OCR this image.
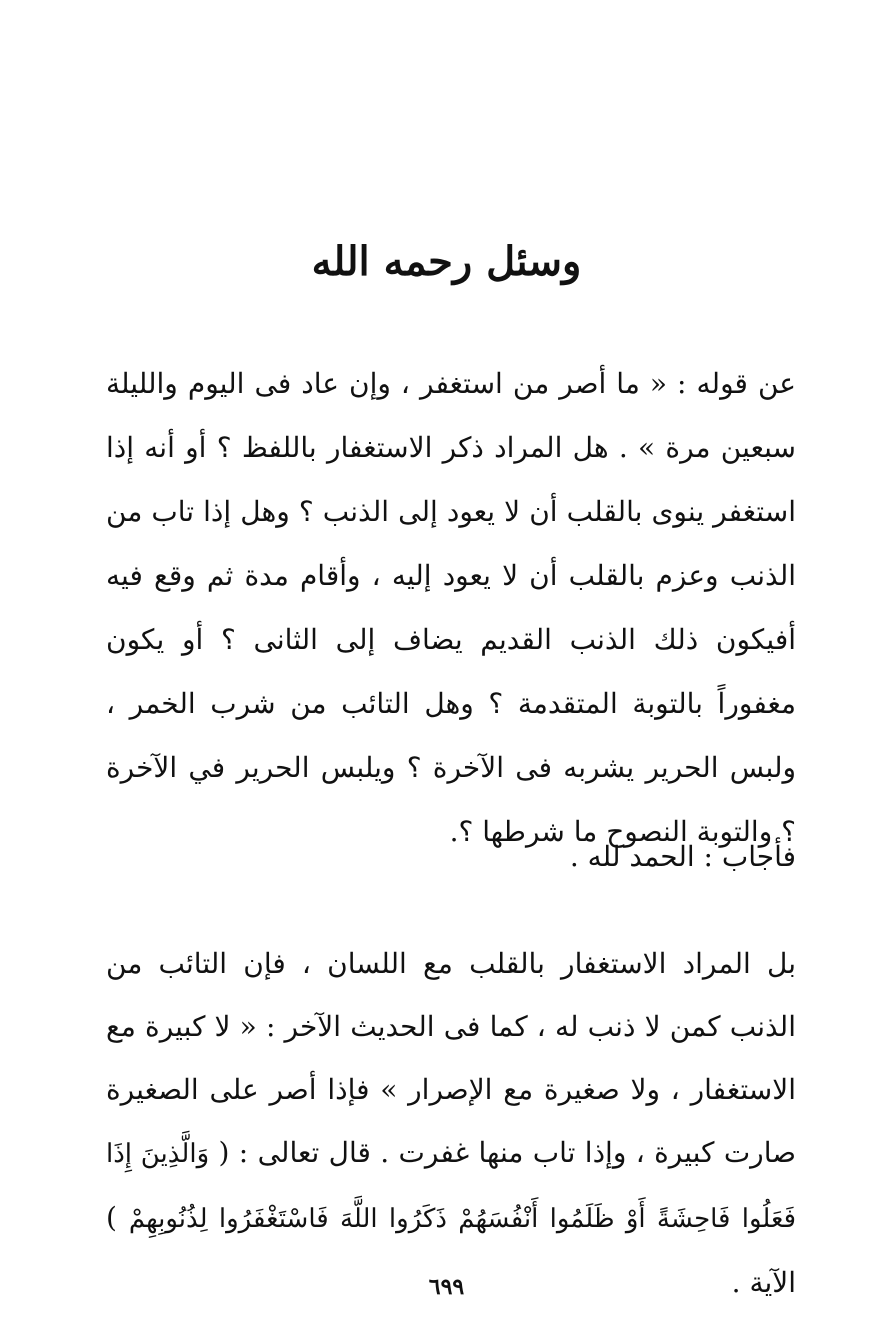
وسئل رحمه الله

عن قوله : « ما أصر من استغفر ، وإن عاد فى اليوم والليلة سبعين مرة » . هل المراد ذكر الاستغفار باللفظ ؟ أو أنه إذا استغفر ينوى بالقلب أن لا يعود إلى الذنب ؟ وهل إذا تاب من الذنب وعزم بالقلب أن لا يعود إليه ، وأقام مدة ثم وقع فيه أفيكون ذلك الذنب القديم يضاف إلى الثانى ؟ أو يكون مغفوراً بالتوبة المتقدمة ؟ وهل التائب من شرب الخمر ، ولبس الحرير يشربه فى الآخرة ؟ ويلبس الحرير في الآخرة ؟ والتوبة النصوح ما شرطها ؟.

فأجاب : الحمد لله .

بل المراد الاستغفار بالقلب مع اللسان ، فإن التائب من الذنب كمن لا ذنب له ، كما فى الحديث الآخر : « لا كبيرة مع الاستغفار ، ولا صغيرة مع الإصرار » فإذا أصر على الصغيرة صارت كبيرة ، وإذا تاب منها غفرت . قال تعالى : ( وَالَّذِينَ إِذَا فَعَلُوا فَاحِشَةً أَوْ ظَلَمُوا أَنْفُسَهُمْ ذَكَرُوا اللَّهَ فَاسْتَغْفَرُوا لِذُنُوبِهِمْ ) الآية .

٦٩٩
